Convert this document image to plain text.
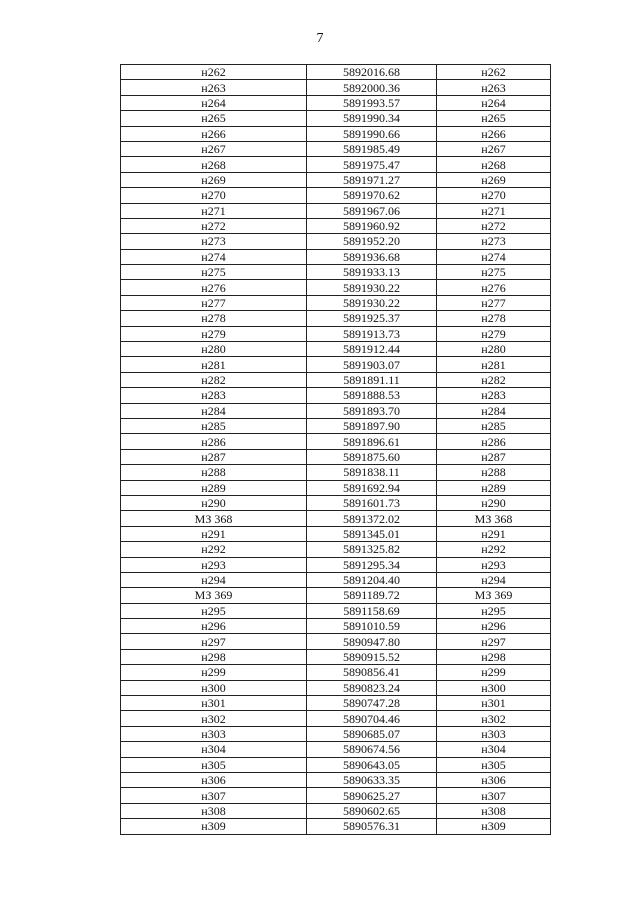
7
н262	5892016.68	н262
н263	5892000.36	н263
н264	5891993.57	н264
н265	5891990.34	н265
н266	5891990.66	н266
н267	5891985.49	н267
н268	5891975.47	н268
н269	5891971.27	н269
н270	5891970.62	н270
н271	5891967.06	н271
н272	5891960.92	н272
н273	5891952.20	н273
н274	5891936.68	н274
н275	5891933.13	н275
н276	5891930.22	н276
н277	5891930.22	н277
н278	5891925.37	н278
н279	5891913.73	н279
н280	5891912.44	н280
н281	5891903.07	н281
н282	5891891.11	н282
н283	5891888.53	н283
н284	5891893.70	н284
н285	5891897.90	н285
н286	5891896.61	н286
н287	5891875.60	н287
н288	5891838.11	н288
н289	5891692.94	н289
н290	5891601.73	н290
МЗ 368	5891372.02	МЗ 368
н291	5891345.01	н291
н292	5891325.82	н292
н293	5891295.34	н293
н294	5891204.40	н294
МЗ 369	5891189.72	МЗ 369
н295	5891158.69	н295
н296	5891010.59	н296
н297	5890947.80	н297
н298	5890915.52	н298
н299	5890856.41	н299
н300	5890823.24	н300
н301	5890747.28	н301
н302	5890704.46	н302
н303	5890685.07	н303
н304	5890674.56	н304
н305	5890643.05	н305
н306	5890633.35	н306
н307	5890625.27	н307
н308	5890602.65	н308
н309	5890576.31	н309
